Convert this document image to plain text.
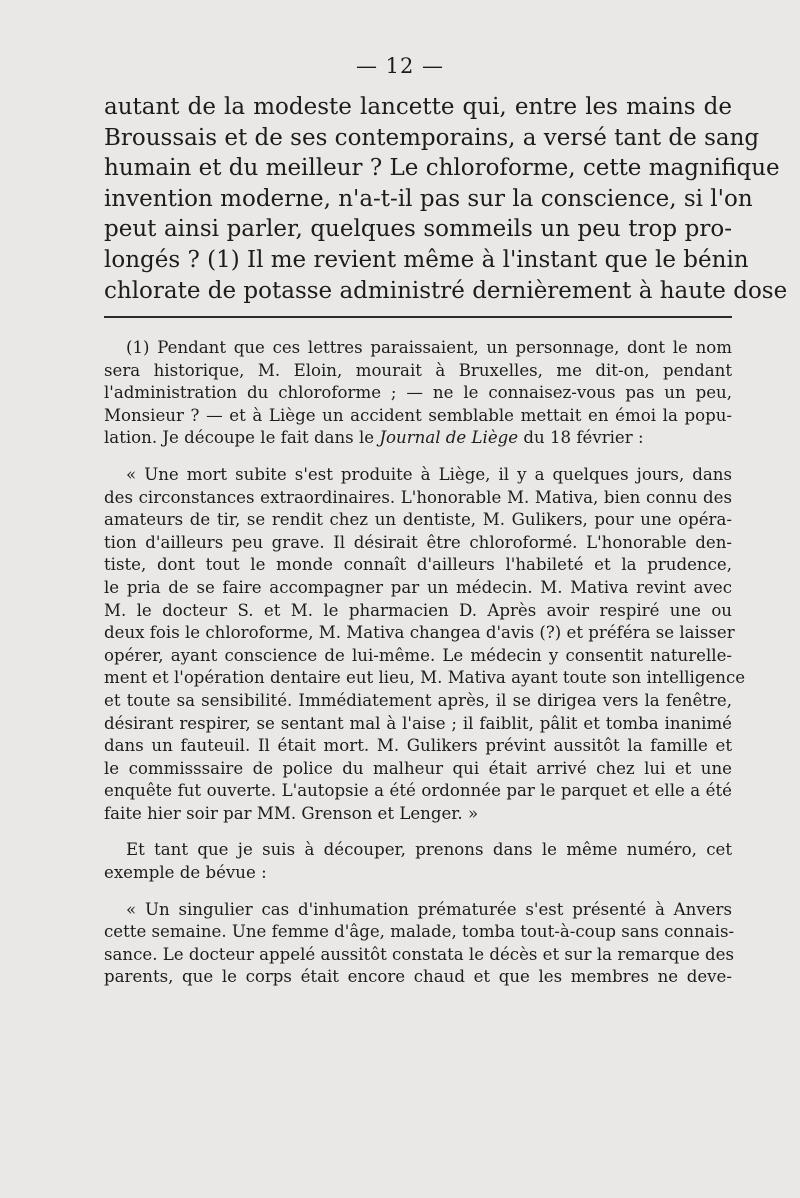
— 12 —
autant de la modeste lancette qui, entre les mains de
Broussais et de ses contemporains, a versé tant de sang
humain et du meilleur ? Le chloroforme, cette magnifique
invention moderne, n'a-t-il pas sur la conscience, si l'on
peut ainsi parler, quelques sommeils un peu trop pro-
longés ? (1) Il me revient même à l'instant que le bénin
chlorate de potasse administré dernièrement à haute dose
(1) Pendant que ces lettres paraissaient, un personnage, dont le nom
sera historique, M. Eloin, mourait à Bruxelles, me dit-on, pendant
l'administration du chloroforme ; — ne le connaisez-vous pas un peu,
Monsieur ? — et à Liège un accident semblable mettait en émoi la popu-
lation. Je découpe le fait dans le Journal de Liège du 18 février :
« Une mort subite s'est produite à Liège, il y a quelques jours, dans
des circonstances extraordinaires. L'honorable M. Mativa, bien connu des
amateurs de tir, se rendit chez un dentiste, M. Gulikers, pour une opéra-
tion d'ailleurs peu grave. Il désirait être chloroformé. L'honorable den-
tiste, dont tout le monde connaît d'ailleurs l'habileté et la prudence,
le pria de se faire accompagner par un médecin. M. Mativa revint avec
M. le docteur S. et M. le pharmacien D. Après avoir respiré une ou
deux fois le chloroforme, M. Mativa changea d'avis (?) et préféra se laisser
opérer, ayant conscience de lui-même. Le médecin y consentit naturelle-
ment et l'opération dentaire eut lieu, M. Mativa ayant toute son intelligence
et toute sa sensibilité. Immédiatement après, il se dirigea vers la fenêtre,
désirant respirer, se sentant mal à l'aise ; il faiblit, pâlit et tomba inanimé
dans un fauteuil. Il était mort. M. Gulikers prévint aussitôt la famille et
le commisssaire de police du malheur qui était arrivé chez lui et une
enquête fut ouverte. L'autopsie a été ordonnée par le parquet et elle a été
faite hier soir par MM. Grenson et Lenger. »
Et tant que je suis à découper, prenons dans le même numéro, cet
exemple de bévue :
« Un singulier cas d'inhumation prématurée s'est présenté à Anvers
cette semaine. Une femme d'âge, malade, tomba tout-à-coup sans connais-
sance. Le docteur appelé aussitôt constata le décès et sur la remarque des
parents, que le corps était encore chaud et que les membres ne deve-
